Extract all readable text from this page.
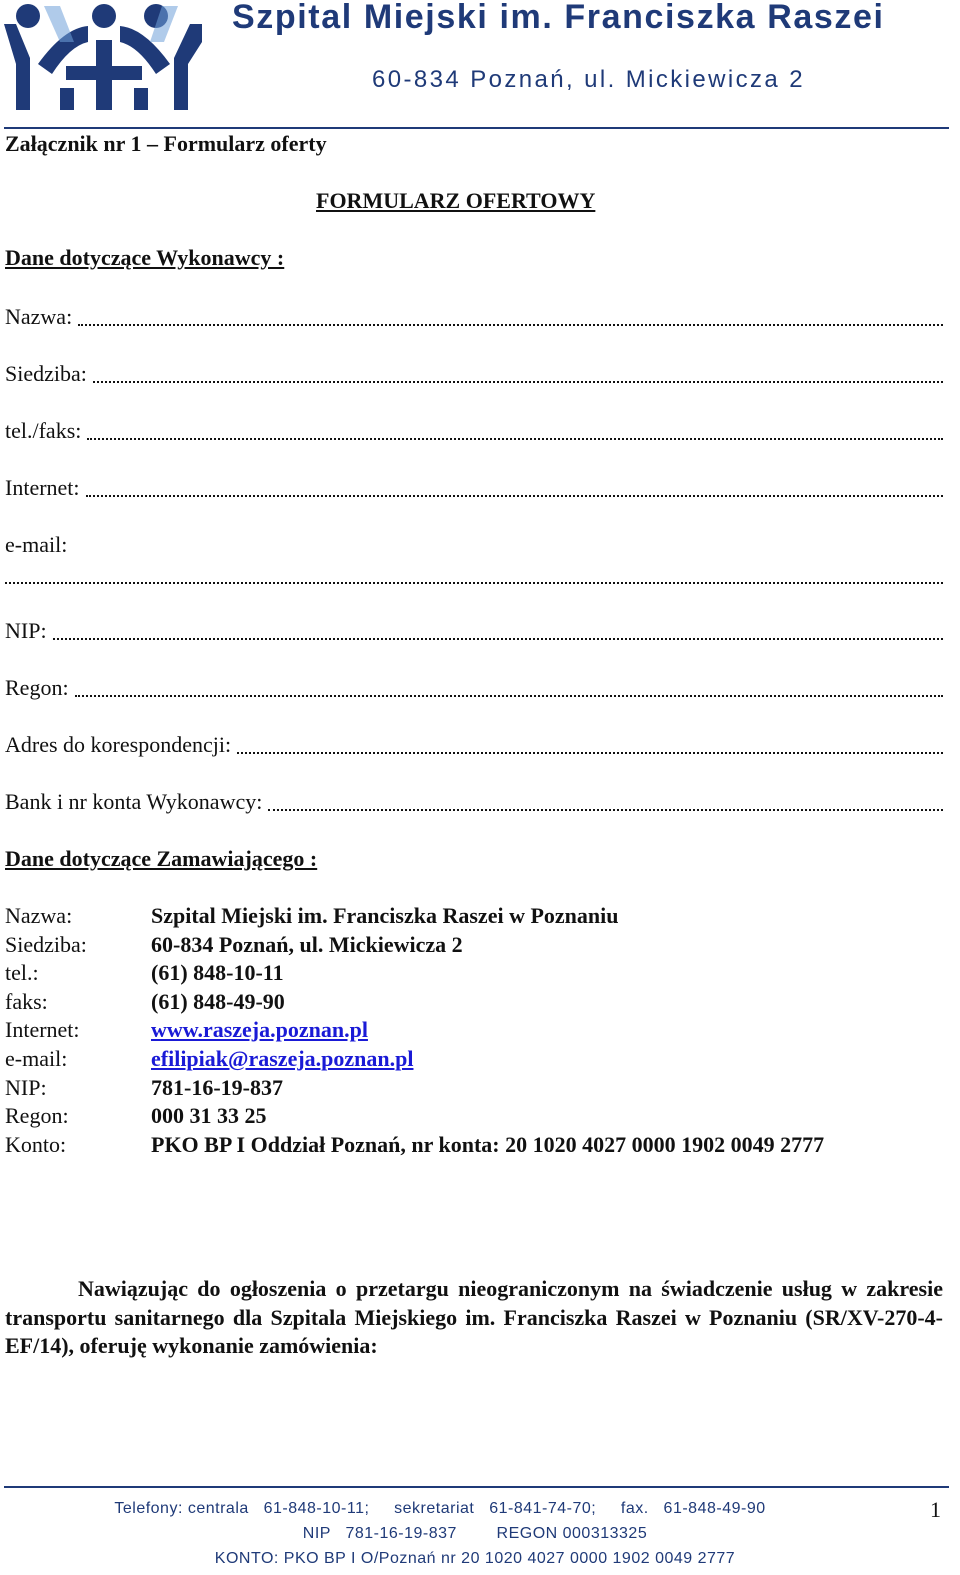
Szpital Miejski im. Franciszka Raszei
60-834 Poznań, ul. Mickiewicza 2
Załącznik nr 1 – Formularz oferty
FORMULARZ OFERTOWY
Dane dotyczące Wykonawcy :
Nazwa:
Siedziba:
tel./faks:
Internet:
e-mail:
NIP:
Regon:
Adres do korespondencji:
Bank i nr konta Wykonawcy:
Dane dotyczące Zamawiającego :
Nazwa:	Szpital Miejski im. Franciszka Raszei w Poznaniu
Siedziba:	60-834 Poznań, ul. Mickiewicza 2
tel.:	(61) 848-10-11
faks:	(61) 848-49-90
Internet:	www.raszeja.poznan.pl
e-mail:	efilipiak@raszeja.poznan.pl
NIP:	781-16-19-837
Regon:	000 31 33 25
Konto:	PKO BP I Oddział Poznań, nr konta: 20 1020 4027 0000 1902 0049 2777
Nawiązując do ogłoszenia o przetargu nieograniczonym na świadczenie usług w zakresie transportu sanitarnego dla Szpitala Miejskiego im. Franciszka Raszei w Poznaniu (SR/XV-270-4-EF/14), oferuję wykonanie zamówienia:
Telefony: centrala   61-848-10-11;     sekretariat   61-841-74-70;     fax.   61-848-49-90
NIP   781-16-19-837        REGON 000313325
KONTO: PKO BP I O/Poznań nr 20 1020 4027 0000 1902 0049 2777
1
